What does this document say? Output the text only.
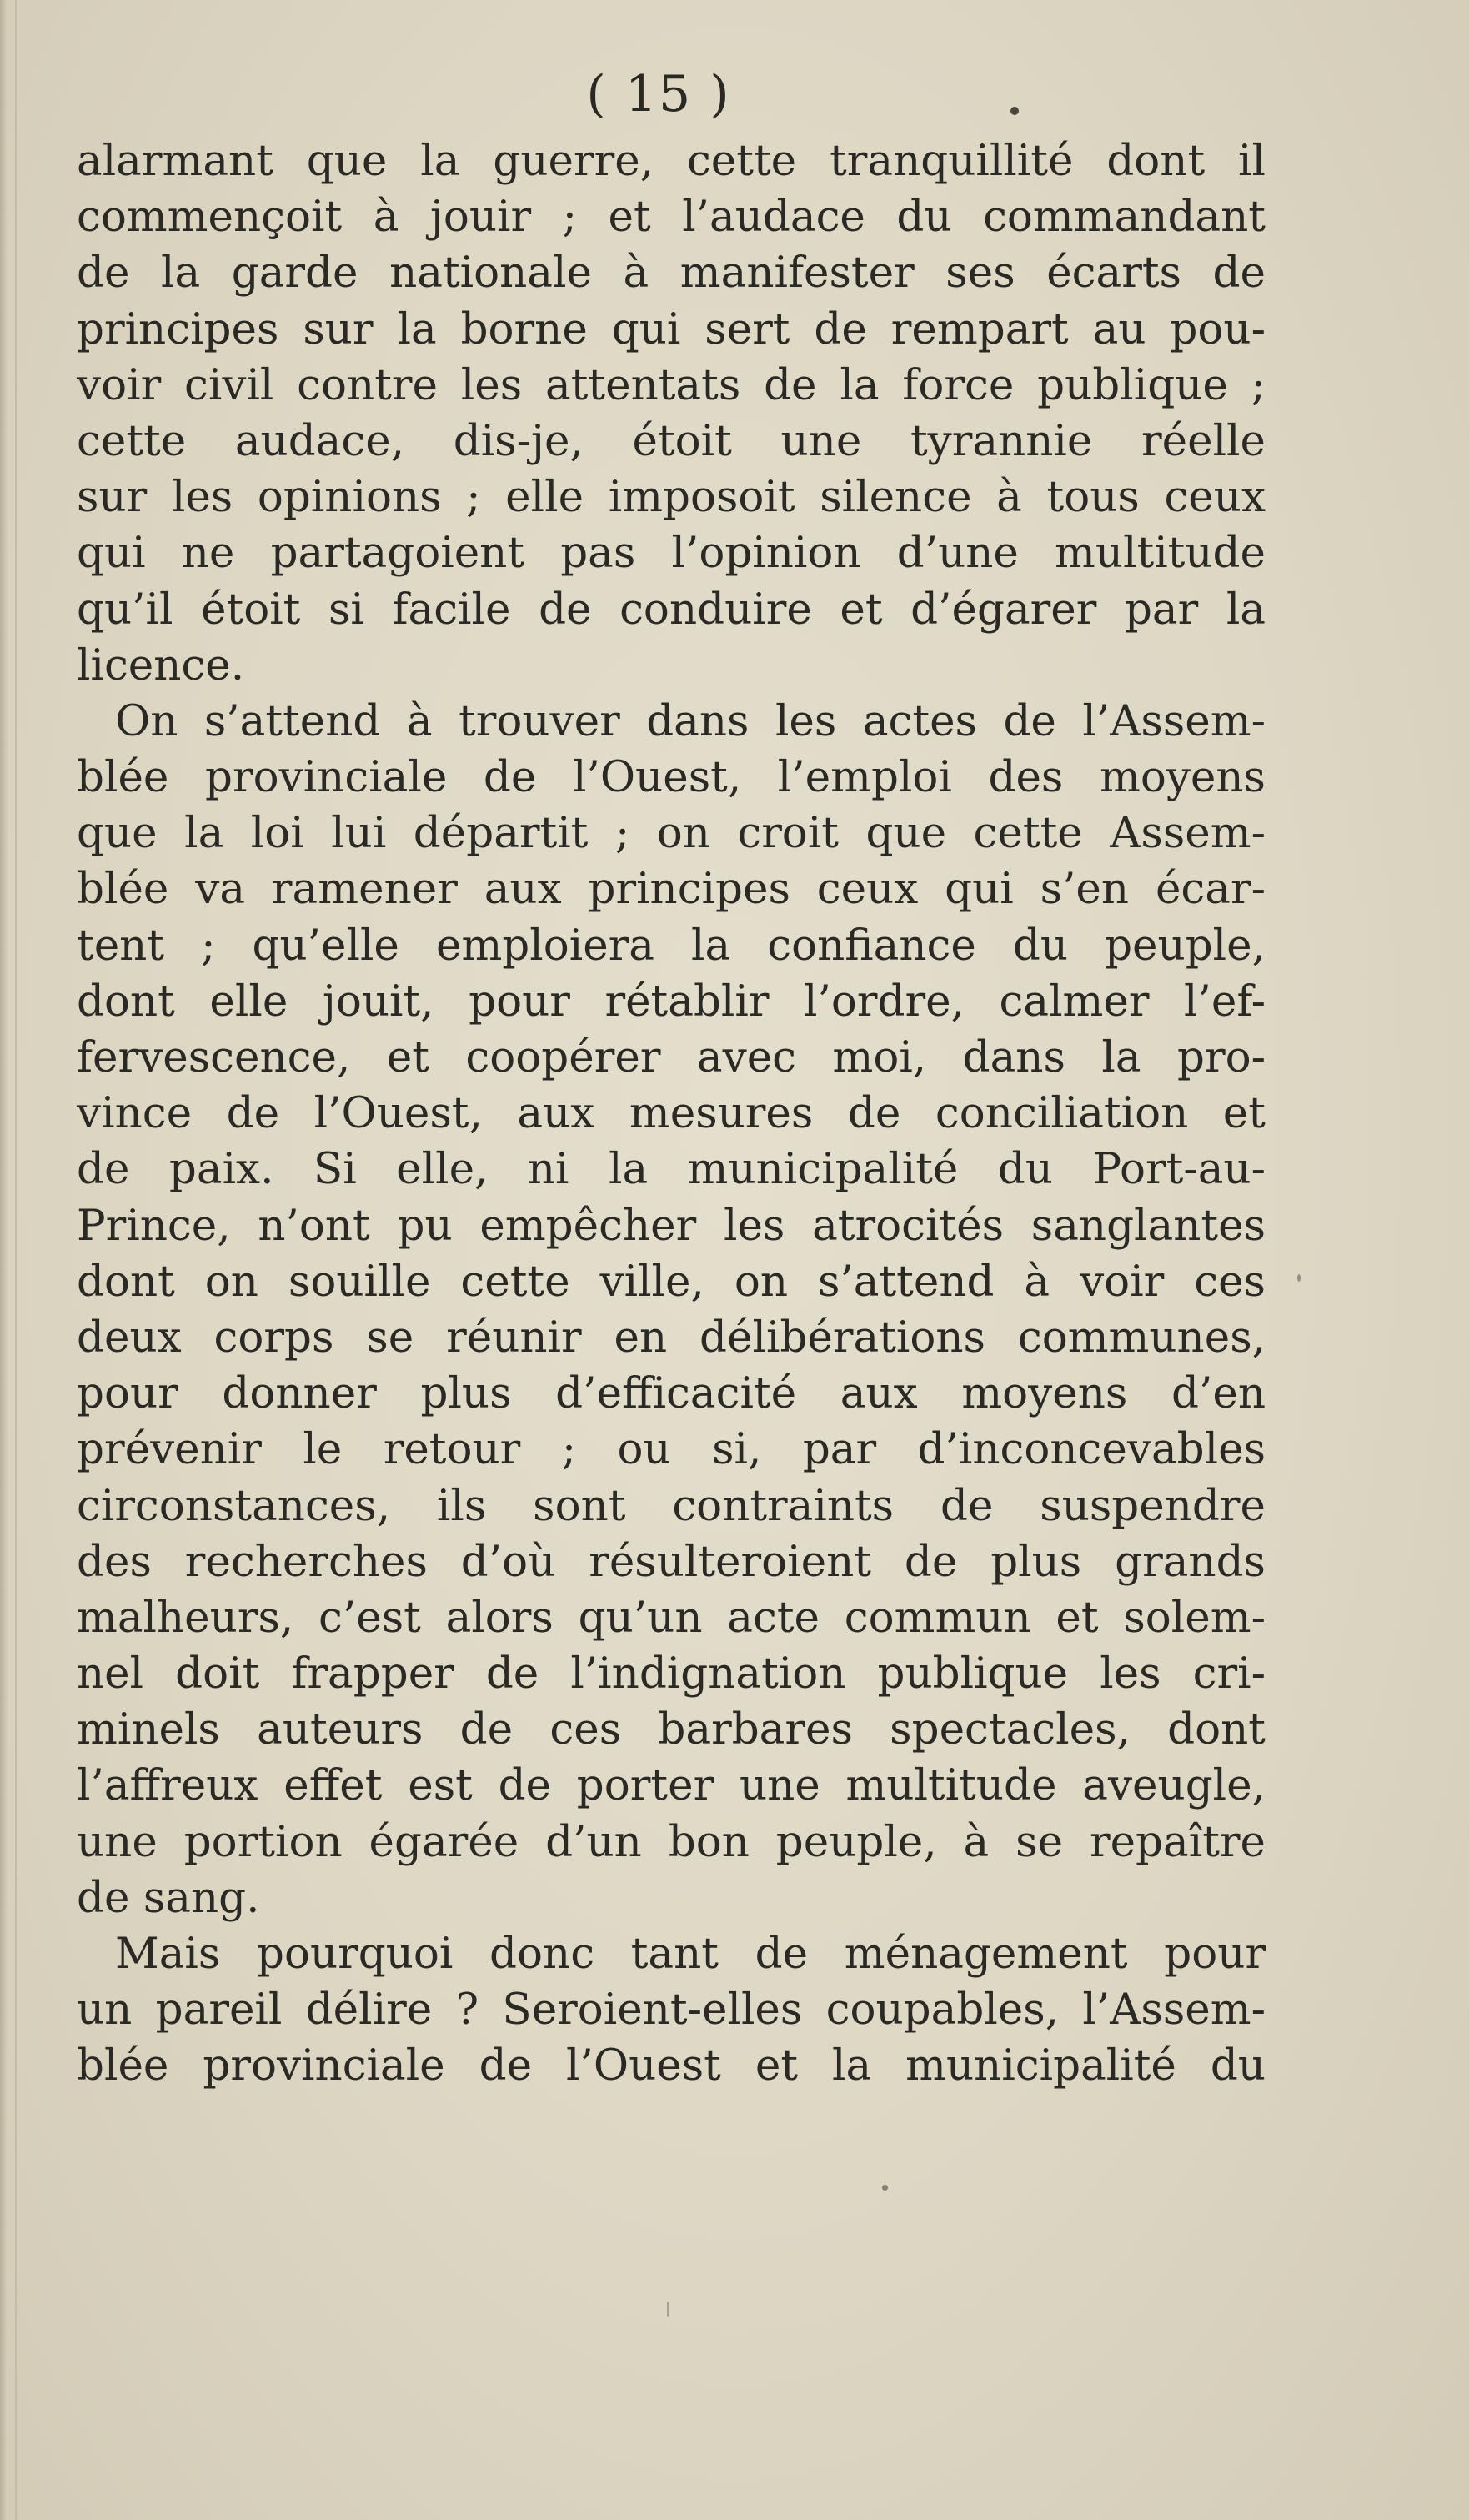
( 15 )
alarmant que la guerre, cette tranquillité dont il
commençoit à jouir ; et l’audace du commandant
de la garde nationale à manifester ses écarts de
principes sur la borne qui sert de rempart au pou-
voir civil contre les attentats de la force publique ;
cette audace, dis-je, étoit une tyrannie réelle
sur les opinions ; elle imposoit silence à tous ceux
qui ne partagoient pas l’opinion d’une multitude
qu’il étoit si facile de conduire et d’égarer par la
licence.
On s’attend à trouver dans les actes de l’Assem-
blée provinciale de l’Ouest, l’emploi des moyens
que la loi lui départit ; on croit que cette Assem-
blée va ramener aux principes ceux qui s’en écar-
tent ; qu’elle emploiera la confiance du peuple,
dont elle jouit, pour rétablir l’ordre, calmer l’ef-
fervescence, et coopérer avec moi, dans la pro-
vince de l’Ouest, aux mesures de conciliation et
de paix. Si elle, ni la municipalité du Port-au-
Prince, n’ont pu empêcher les atrocités sanglantes
dont on souille cette ville, on s’attend à voir ces
deux corps se réunir en délibérations communes,
pour donner plus d’efficacité aux moyens d’en
prévenir le retour ; ou si, par d’inconcevables
circonstances, ils sont contraints de suspendre
des recherches d’où résulteroient de plus grands
malheurs, c’est alors qu’un acte commun et solem-
nel doit frapper de l’indignation publique les cri-
minels auteurs de ces barbares spectacles, dont
l’affreux effet est de porter une multitude aveugle,
une portion égarée d’un bon peuple, à se repaître
de sang.
Mais pourquoi donc tant de ménagement pour
un pareil délire ? Seroient-elles coupables, l’Assem-
blée provinciale de l’Ouest et la municipalité du
